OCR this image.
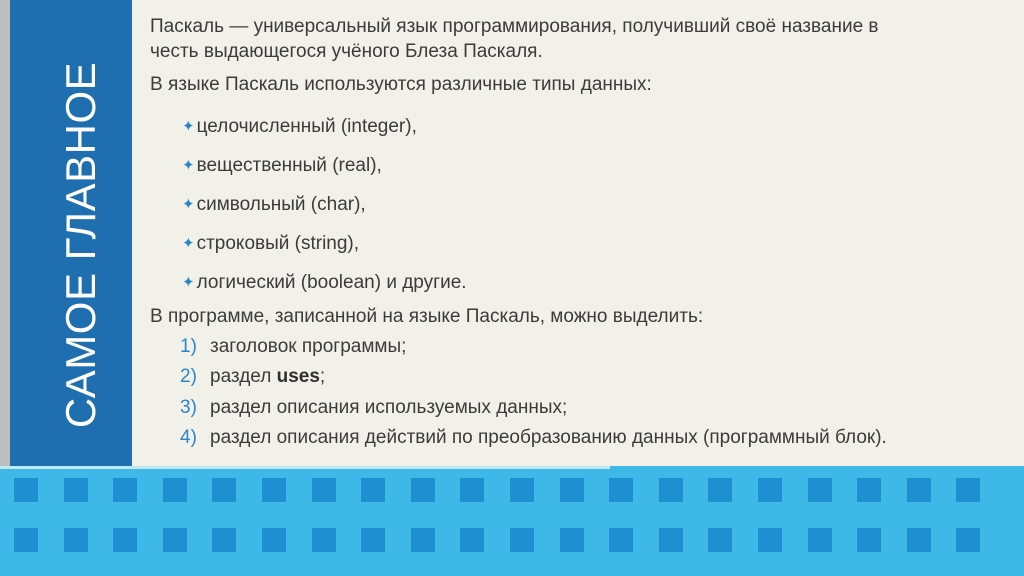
САМОЕ ГЛАВНОЕ

Паскаль — универсальный язык программирования, получивший своё название в

честь выдающегося учёного Блеза Паскаля.

В языке Паскаль используются различные типы данных:

✦ целочисленный (integer),
✦ вещественный (real),
✦ символьный (char),
✦ строковый (string),
✦ логический (boolean) и другие.

В программе, записанной на языке Паскаль, можно выделить:

1) заголовок программы;
2) раздел uses;
3) раздел описания используемых данных;
4) раздел описания действий по преобразованию данных (программный блок).
